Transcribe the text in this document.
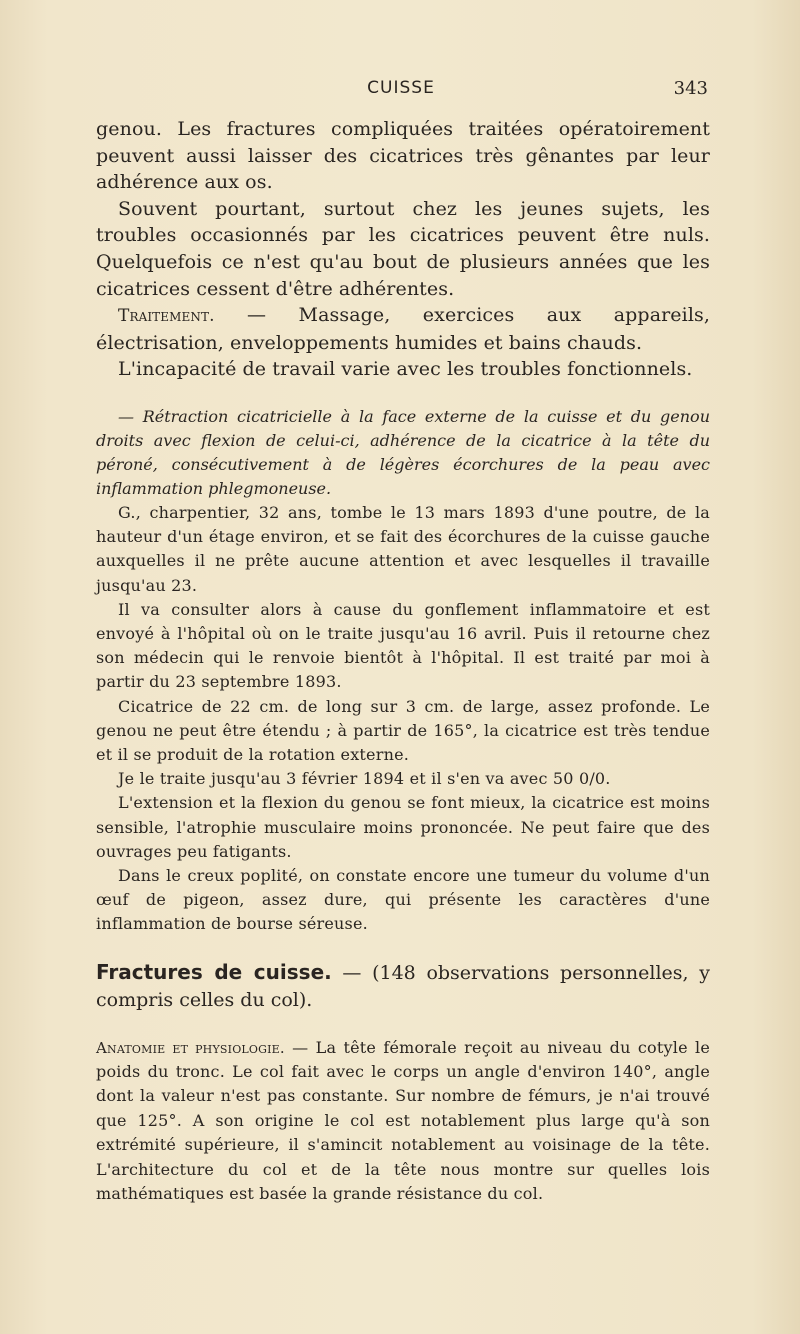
CUISSE	343

genou. Les fractures compliquées traitées opératoirement peuvent aussi laisser des cicatrices très gênantes par leur adhérence aux os.

Souvent pourtant, surtout chez les jeunes sujets, les troubles occasionnés par les cicatrices peuvent être nuls. Quelquefois ce n'est qu'au bout de plusieurs années que les cicatrices cessent d'être adhérentes.

Traitement. — Massage, exercices aux appareils, électrisation, enveloppements humides et bains chauds.

L'incapacité de travail varie avec les troubles fonctionnels.

— Rétraction cicatricielle à la face externe de la cuisse et du genou droits avec flexion de celui-ci, adhérence de la cicatrice à la tête du péroné, consécutivement à de légères écorchures de la peau avec inflammation phlegmoneuse.

G., charpentier, 32 ans, tombe le 13 mars 1893 d'une poutre, de la hauteur d'un étage environ, et se fait des écorchures de la cuisse gauche auxquelles il ne prête aucune attention et avec lesquelles il travaille jusqu'au 23.

Il va consulter alors à cause du gonflement inflammatoire et est envoyé à l'hôpital où on le traite jusqu'au 16 avril. Puis il retourne chez son médecin qui le renvoie bientôt à l'hôpital. Il est traité par moi à partir du 23 septembre 1893.

Cicatrice de 22 cm. de long sur 3 cm. de large, assez profonde. Le genou ne peut être étendu ; à partir de 165°, la cicatrice est très tendue et il se produit de la rotation externe.

Je le traite jusqu'au 3 février 1894 et il s'en va avec 50 0/0.

L'extension et la flexion du genou se font mieux, la cicatrice est moins sensible, l'atrophie musculaire moins prononcée. Ne peut faire que des ouvrages peu fatigants.

Dans le creux poplité, on constate encore une tumeur du volume d'un œuf de pigeon, assez dure, qui présente les caractères d'une inflammation de bourse séreuse.

Fractures de cuisse. — (148 observations personnelles, y compris celles du col).

Anatomie et physiologie. — La tête fémorale reçoit au niveau du cotyle le poids du tronc. Le col fait avec le corps un angle d'environ 140°, angle dont la valeur n'est pas constante. Sur nombre de fémurs, je n'ai trouvé que 125°. A son origine le col est notablement plus large qu'à son extrémité supérieure, il s'amincit notablement au voisinage de la tête. L'architecture du col et de la tête nous montre sur quelles lois mathématiques est basée la grande résistance du col.
